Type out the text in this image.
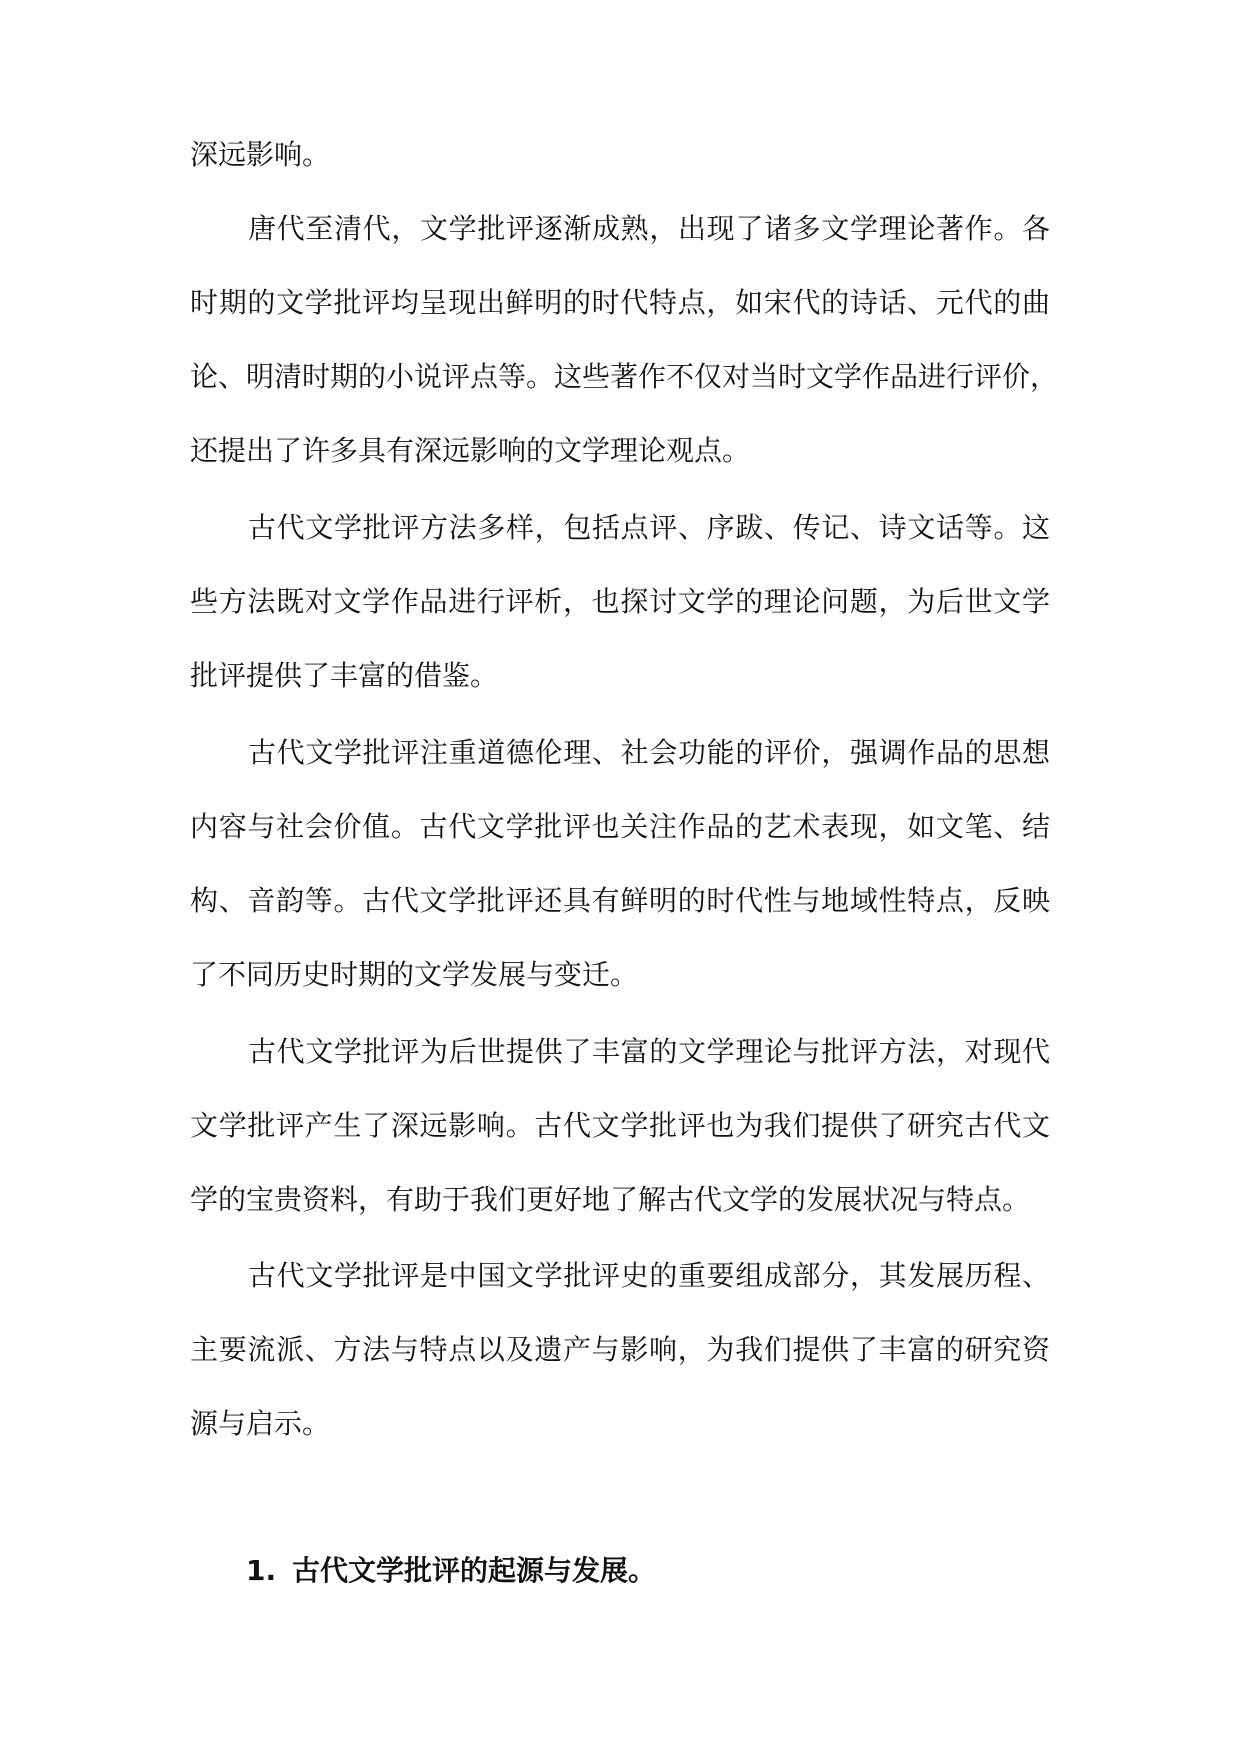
深远影响。
唐代至清代，文学批评逐渐成熟，出现了诸多文学理论著作。各
时期的文学批评均呈现出鲜明的时代特点，如宋代的诗话、元代的曲
论、明清时期的小说评点等。这些著作不仅对当时文学作品进行评价，
还提出了许多具有深远影响的文学理论观点。
古代文学批评方法多样，包括点评、序跋、传记、诗文话等。这
些方法既对文学作品进行评析，也探讨文学的理论问题，为后世文学
批评提供了丰富的借鉴。
古代文学批评注重道德伦理、社会功能的评价，强调作品的思想
内容与社会价值。古代文学批评也关注作品的艺术表现，如文笔、结
构、音韵等。古代文学批评还具有鲜明的时代性与地域性特点，反映
了不同历史时期的文学发展与变迁。
古代文学批评为后世提供了丰富的文学理论与批评方法，对现代
文学批评产生了深远影响。古代文学批评也为我们提供了研究古代文
学的宝贵资料，有助于我们更好地了解古代文学的发展状况与特点。
古代文学批评是中国文学批评史的重要组成部分，其发展历程、
主要流派、方法与特点以及遗产与影响，为我们提供了丰富的研究资
源与启示。
1. 古代文学批评的起源与发展。
